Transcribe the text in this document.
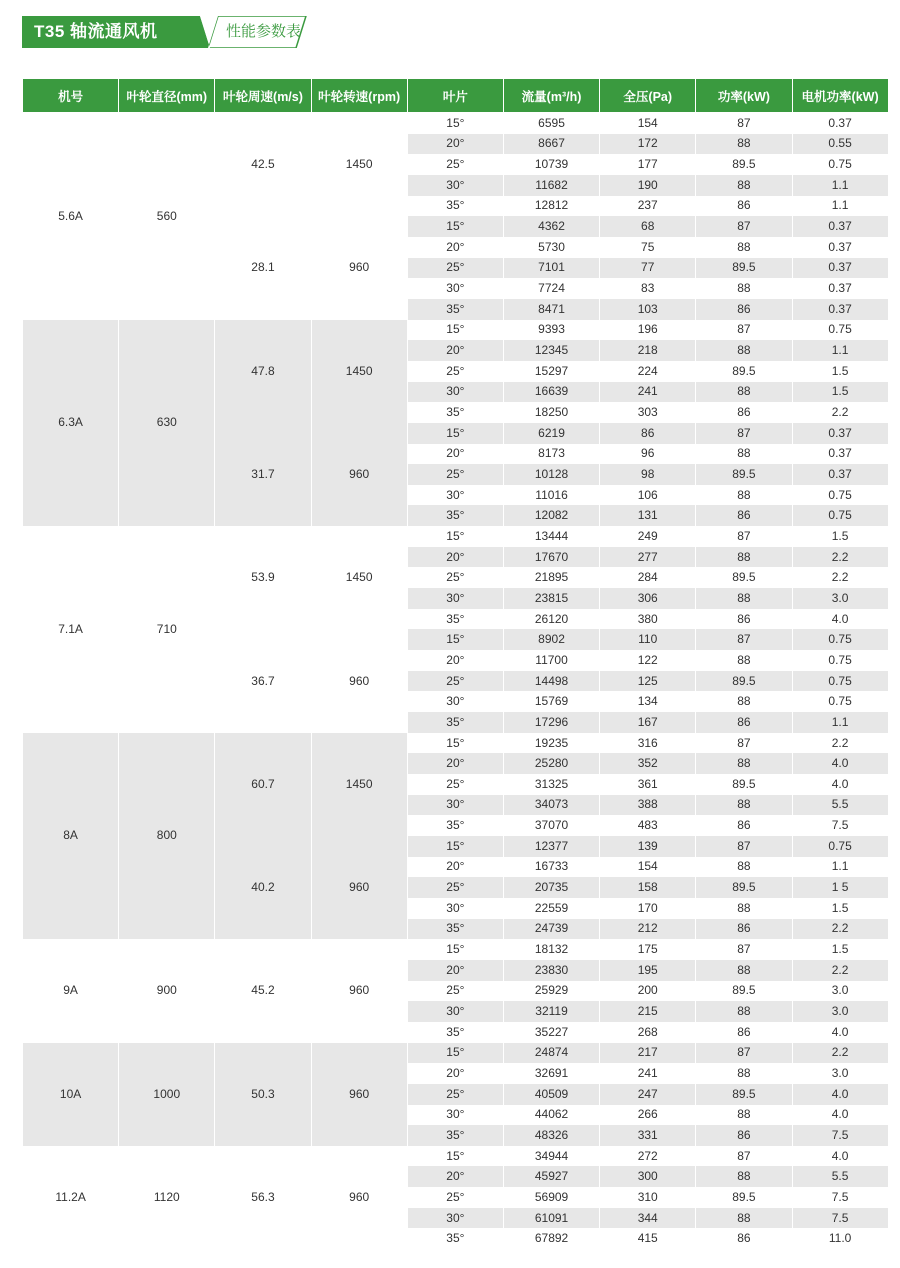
T35 轴流通风机	性能参数表
机号	叶轮直径(mm)	叶轮周速(m/s)	叶轮转速(rpm)	叶片	流量(m³/h)	全压(Pa)	功率(kW)	电机功率(kW)
5.6A	560	42.5	1450	15°	6595	154	87	0.37
				20°	8667	172	88	0.55
				25°	10739	177	89.5	0.75
				30°	11682	190	88	1.1
				35°	12812	237	86	1.1
		28.1	960	15°	4362	68	87	0.37
				20°	5730	75	88	0.37
				25°	7101	77	89.5	0.37
				30°	7724	83	88	0.37
				35°	8471	103	86	0.37
6.3A	630	47.8	1450	15°	9393	196	87	0.75
				20°	12345	218	88	1.1
				25°	15297	224	89.5	1.5
				30°	16639	241	88	1.5
				35°	18250	303	86	2.2
		31.7	960	15°	6219	86	87	0.37
				20°	8173	96	88	0.37
				25°	10128	98	89.5	0.37
				30°	11016	106	88	0.75
				35°	12082	131	86	0.75
7.1A	710	53.9	1450	15°	13444	249	87	1.5
				20°	17670	277	88	2.2
				25°	21895	284	89.5	2.2
				30°	23815	306	88	3.0
				35°	26120	380	86	4.0
		36.7	960	15°	8902	110	87	0.75
				20°	11700	122	88	0.75
				25°	14498	125	89.5	0.75
				30°	15769	134	88	0.75
				35°	17296	167	86	1.1
8A	800	60.7	1450	15°	19235	316	87	2.2
				20°	25280	352	88	4.0
				25°	31325	361	89.5	4.0
				30°	34073	388	88	5.5
				35°	37070	483	86	7.5
		40.2	960	15°	12377	139	87	0.75
				20°	16733	154	88	1.1
				25°	20735	158	89.5	1 5
				30°	22559	170	88	1.5
				35°	24739	212	86	2.2
9A	900	45.2	960	15°	18132	175	87	1.5
				20°	23830	195	88	2.2
				25°	25929	200	89.5	3.0
				30°	32119	215	88	3.0
				35°	35227	268	86	4.0
10A	1000	50.3	960	15°	24874	217	87	2.2
				20°	32691	241	88	3.0
				25°	40509	247	89.5	4.0
				30°	44062	266	88	4.0
				35°	48326	331	86	7.5
11.2A	1120	56.3	960	15°	34944	272	87	4.0
				20°	45927	300	88	5.5
				25°	56909	310	89.5	7.5
				30°	61091	344	88	7.5
				35°	67892	415	86	11.0
